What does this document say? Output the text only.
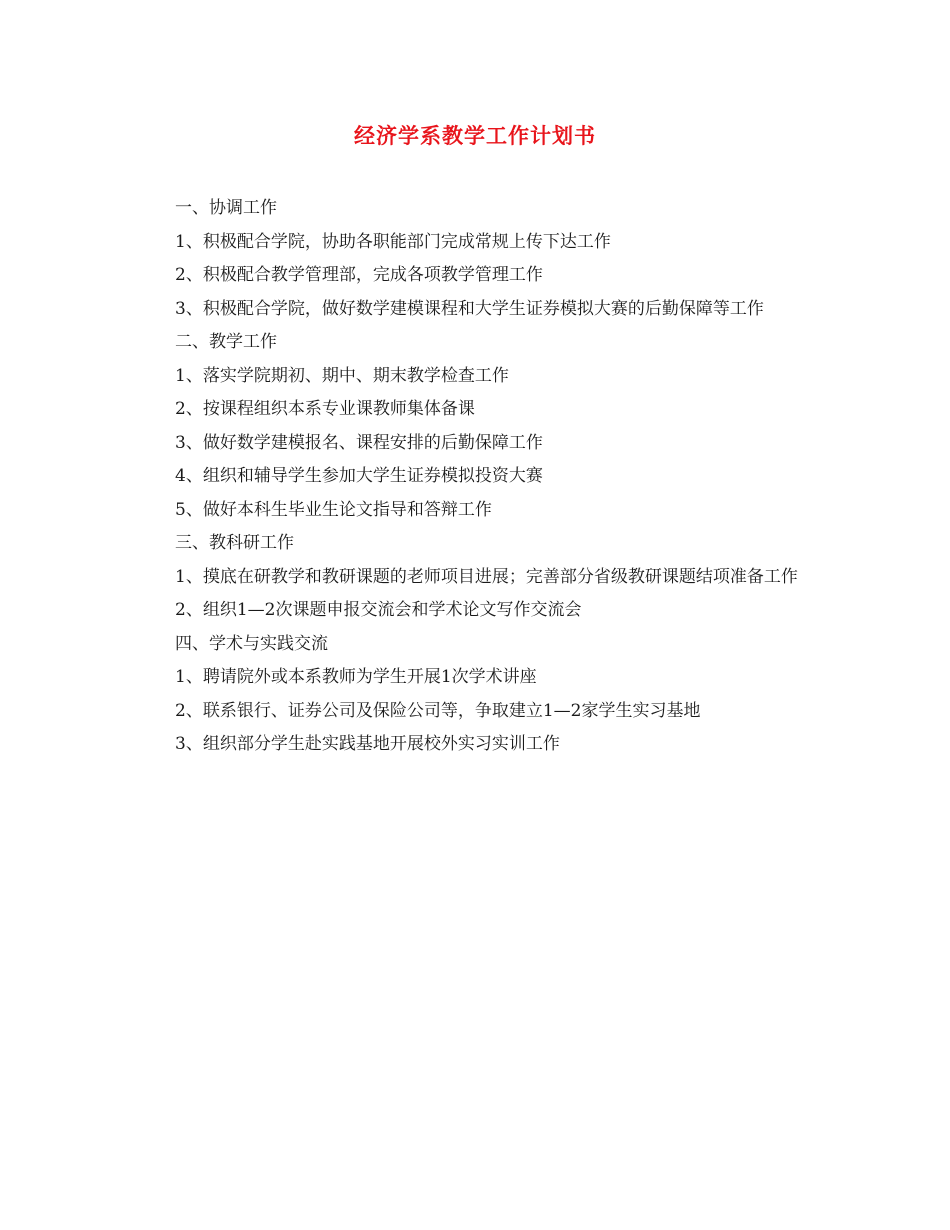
经济学系教学工作计划书

一、协调工作

1、积极配合学院，协助各职能部门完成常规上传下达工作

2、积极配合教学管理部，完成各项教学管理工作

3、积极配合学院，做好数学建模课程和大学生证券模拟大赛的后勤保障等工作

二、教学工作

1、落实学院期初、期中、期末教学检查工作

2、按课程组织本系专业课教师集体备课

3、做好数学建模报名、课程安排的后勤保障工作

4、组织和辅导学生参加大学生证券模拟投资大赛

5、做好本科生毕业生论文指导和答辩工作

三、教科研工作

1、摸底在研教学和教研课题的老师项目进展；完善部分省级教研课题结项准备工作

2、组织1—2次课题申报交流会和学术论文写作交流会

四、学术与实践交流

1、聘请院外或本系教师为学生开展1次学术讲座

2、联系银行、证券公司及保险公司等，争取建立1—2家学生实习基地

3、组织部分学生赴实践基地开展校外实习实训工作
